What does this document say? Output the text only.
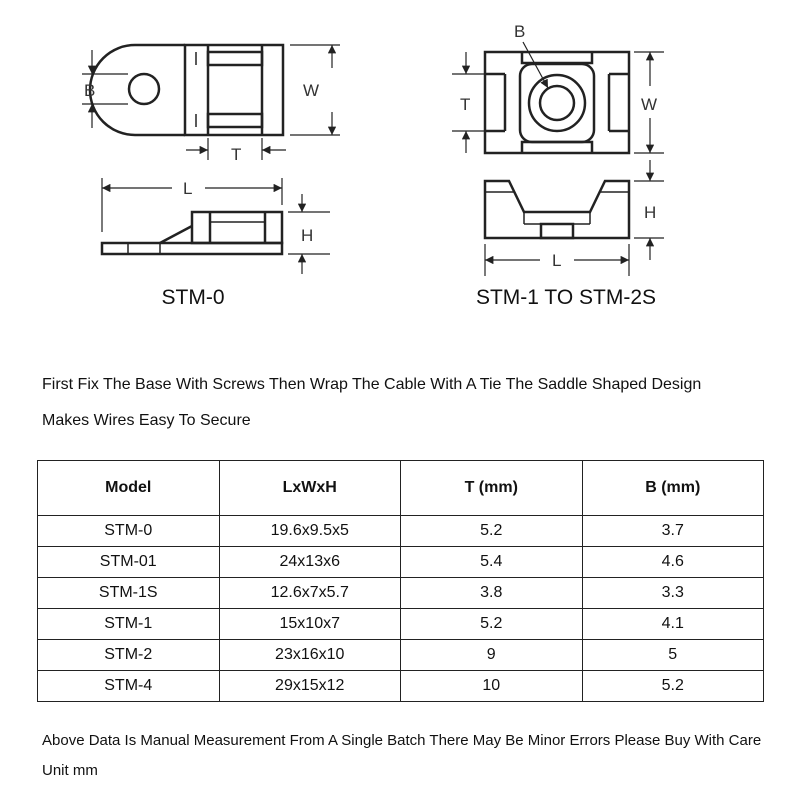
B	W
T
L
H
STM-0
B
T	W
H
L
STM-1 TO STM-2S
First Fix The Base With Screws Then Wrap The Cable With A Tie The Saddle Shaped Design
Makes Wires Easy To Secure
Model	LxWxH	T (mm)	B (mm)
STM-0	19.6x9.5x5	5.2	3.7
STM-01	24x13x6	5.4	4.6
STM-1S	12.6x7x5.7	3.8	3.3
STM-1	15x10x7	5.2	4.1
STM-2	23x16x10	9	5
STM-4	29x15x12	10	5.2
Above Data Is Manual Measurement From A Single Batch There May Be Minor Errors Please Buy With Care
Unit mm
